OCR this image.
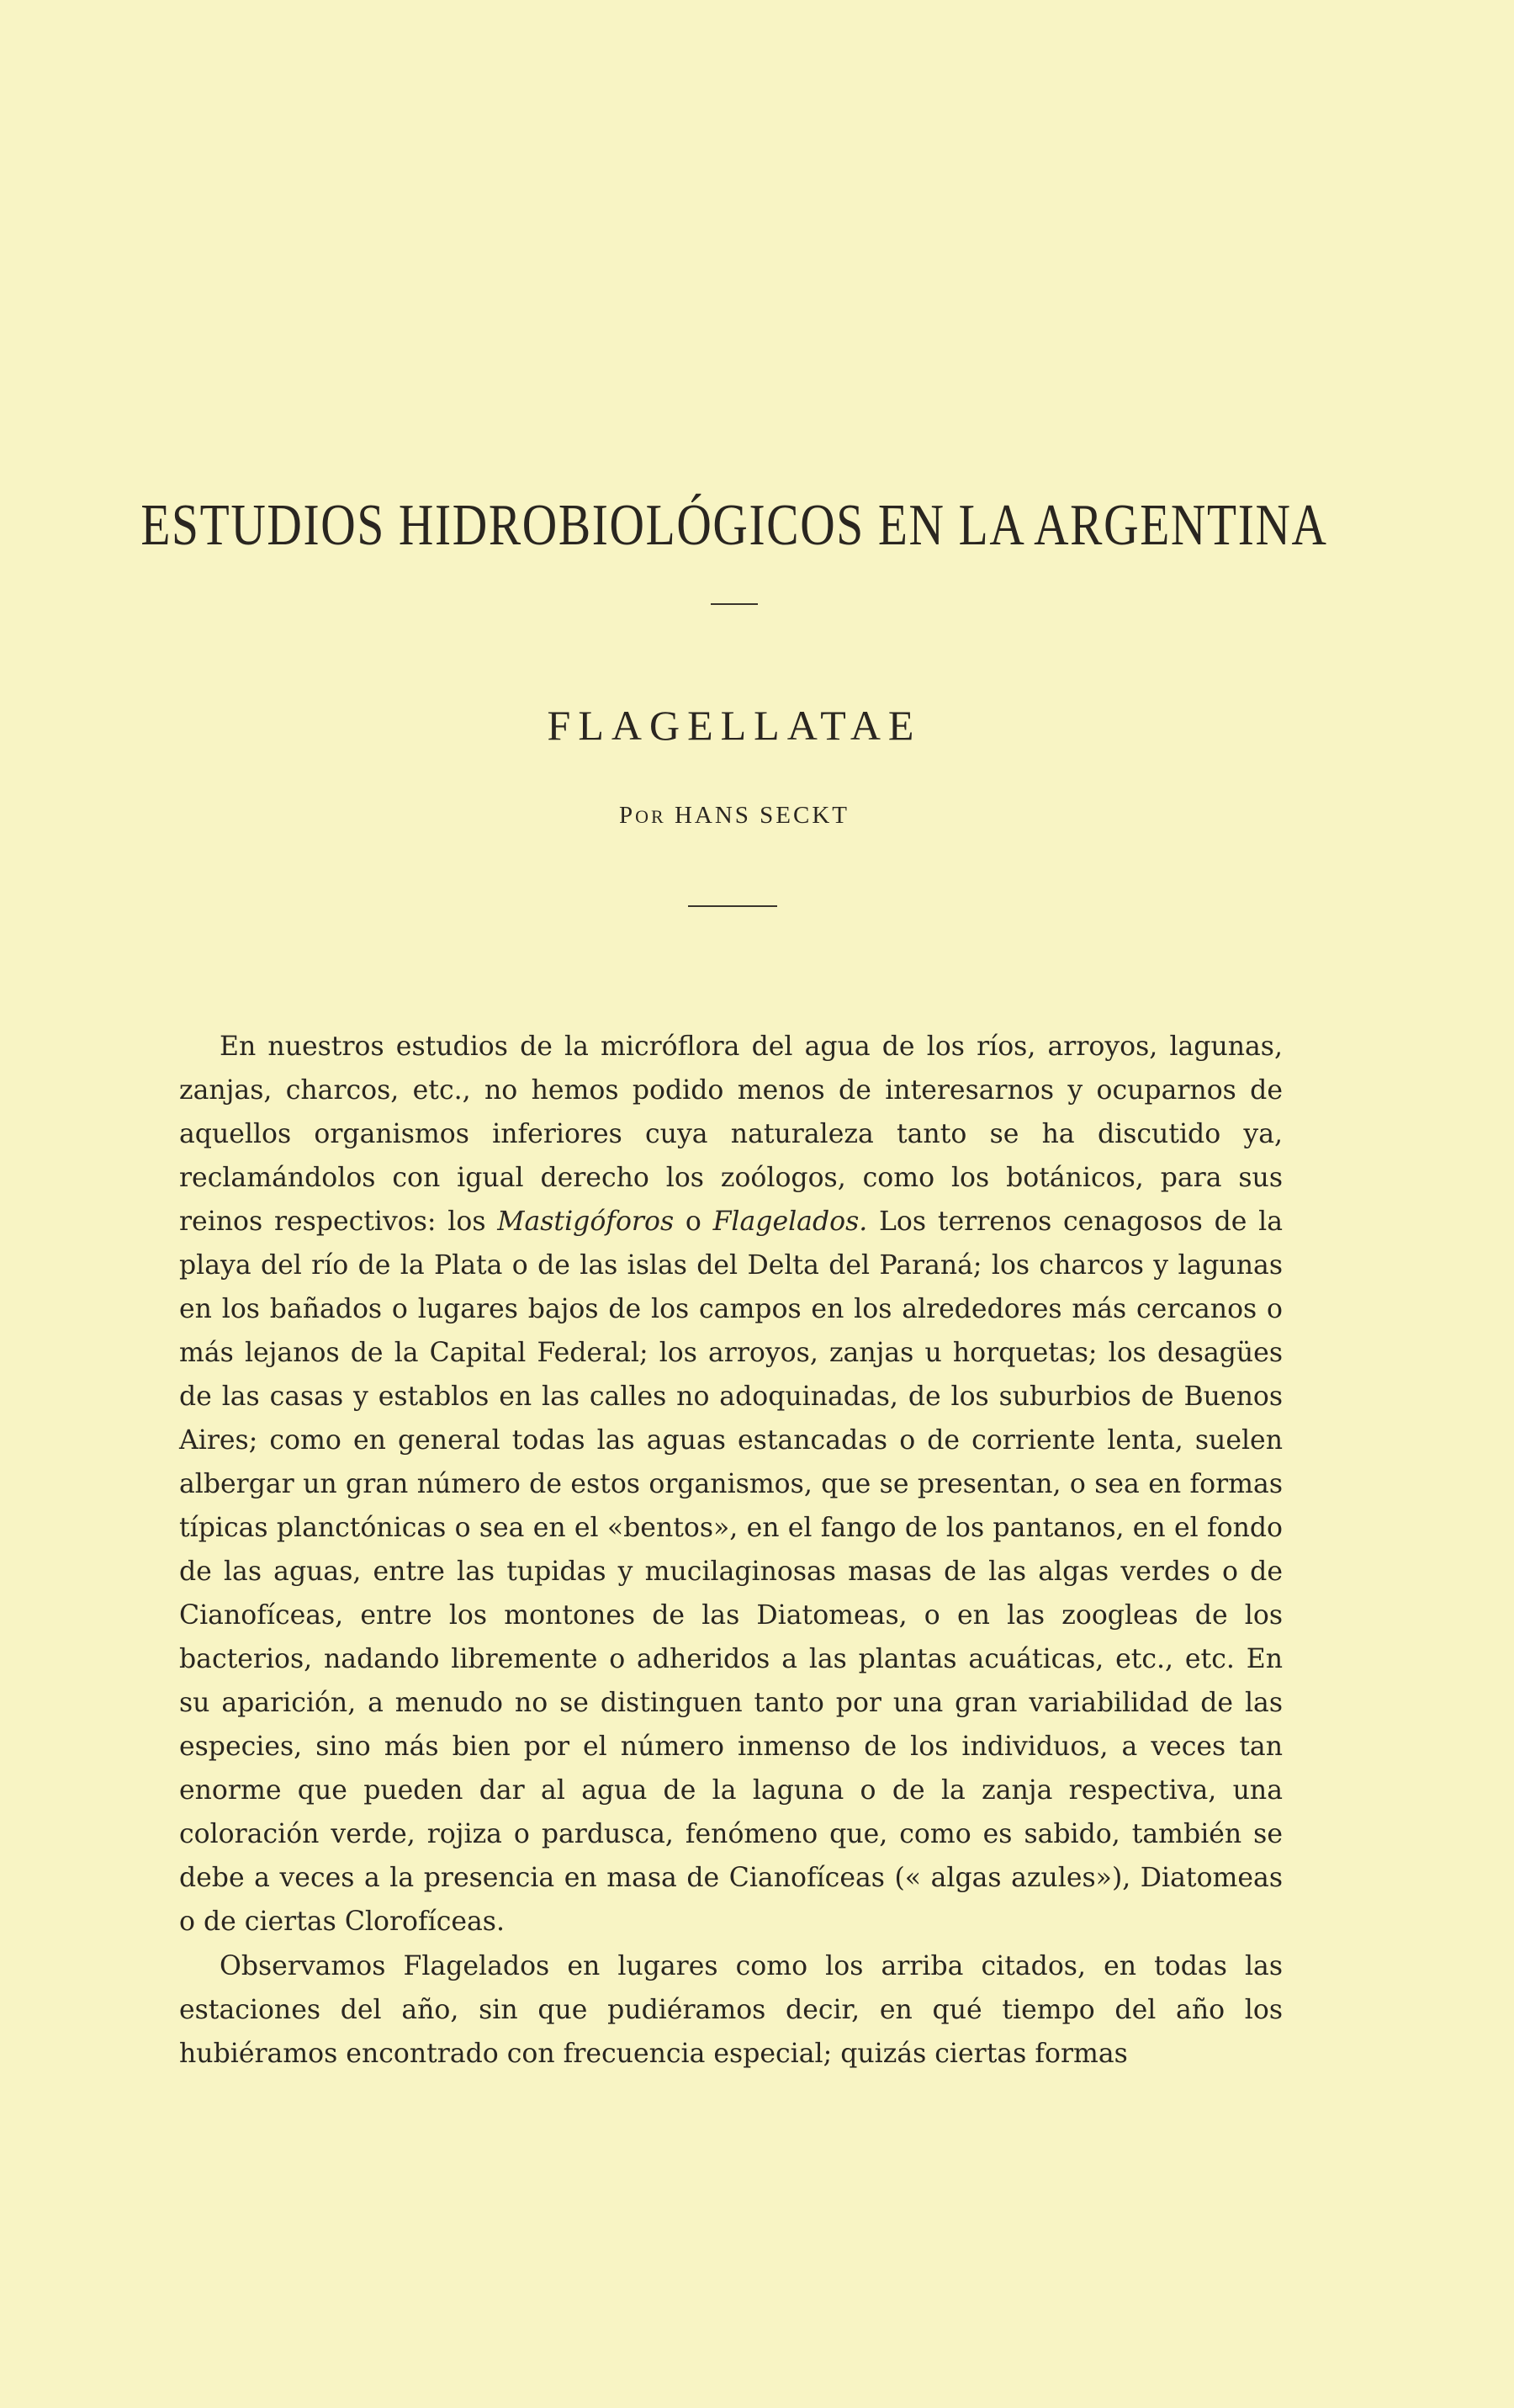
ESTUDIOS HIDROBIOLÓGICOS EN LA ARGENTINA
FLAGELLATAE
POR HANS SECKT

En nuestros estudios de la micróflora del agua de los ríos, arroyos, lagunas, zanjas, charcos, etc., no hemos podido menos de interesarnos y ocuparnos de aquellos organismos inferiores cuya naturaleza tanto se ha discutido ya, reclamándolos con igual derecho los zoólogos, como los botánicos, para sus reinos respectivos: los Mastigóforos o Flagelados. Los terrenos cenagosos de la playa del río de la Plata o de las islas del Delta del Paraná; los charcos y lagunas en los bañados o lugares bajos de los campos en los alrededores más cercanos o más lejanos de la Capital Federal; los arroyos, zanjas u horquetas; los desagües de las casas y establos en las calles no adoquinadas, de los suburbios de Buenos Aires; como en general todas las aguas estancadas o de corriente lenta, suelen albergar un gran número de estos organismos, que se presentan, o sea en formas típicas planctónicas o sea en el «bentos», en el fango de los pantanos, en el fondo de las aguas, entre las tupidas y mucilaginosas masas de las algas verdes o de Cianofíceas, entre los montones de las Diatomeas, o en las zoogleas de los bacterios, nadando libremente o adheridos a las plantas acuáticas, etc., etc. En su aparición, a menudo no se distinguen tanto por una gran variabilidad de las especies, sino más bien por el número inmenso de los individuos, a veces tan enorme que pueden dar al agua de la laguna o de la zanja respectiva, una coloración verde, rojiza o pardusca, fenómeno que, como es sabido, también se debe a veces a la presencia en masa de Cianofíceas (« algas azules»), Diatomeas o de ciertas Clorofíceas.

Observamos Flagelados en lugares como los arriba citados, en todas las estaciones del año, sin que pudiéramos decir, en qué tiempo del año los hubiéramos encontrado con frecuencia especial; quizás ciertas formas
